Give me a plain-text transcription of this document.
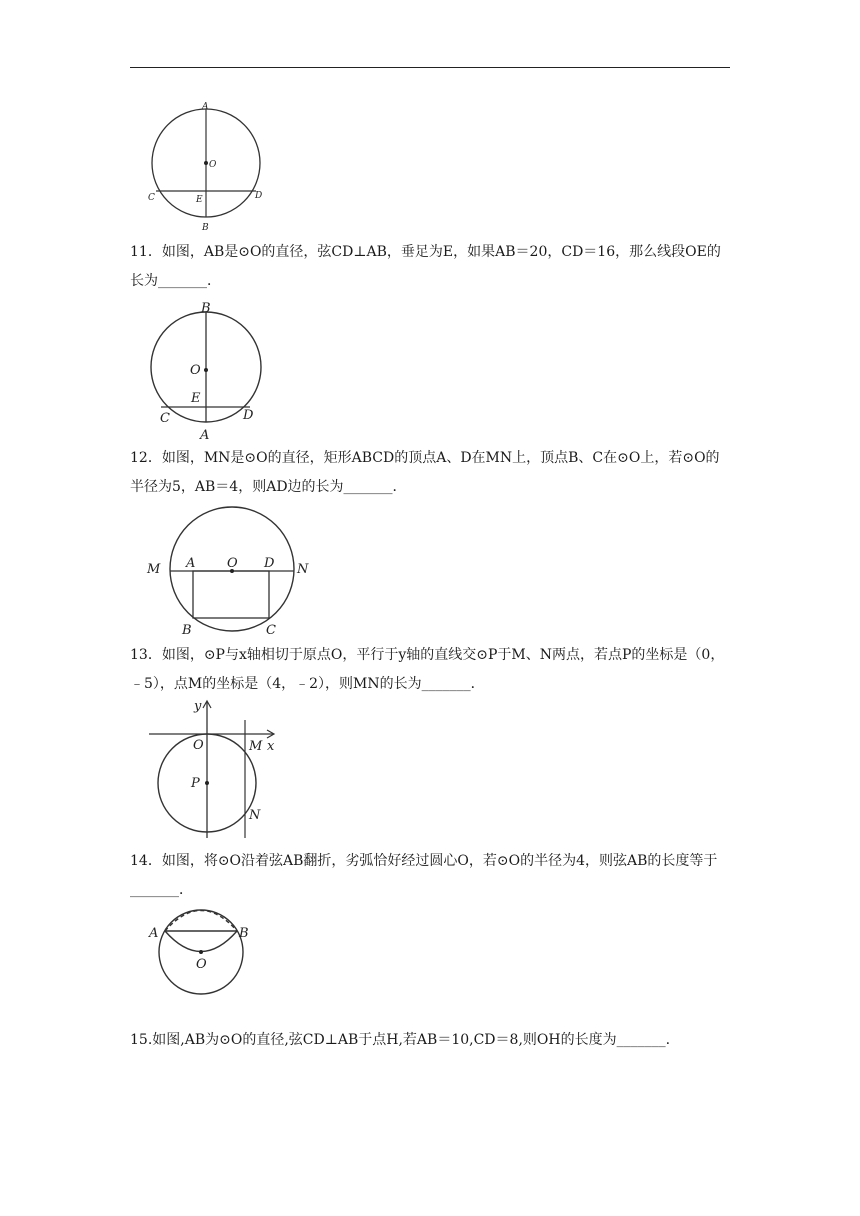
A
O
C	D
E
B
11．如图，AB是⊙O的直径，弦CD⊥AB，垂足为E，如果AB＝20，CD＝16，那么线段OE的长为_______．
B
O
E
C	D
A
12．如图，MN是⊙O的直径，矩形ABCD的顶点A、D在MN上，顶点B、C在⊙O上，若⊙O的半径为5，AB＝4，则AD边的长为_______．
M A O D N
B	C
13．如图，⊙P与x轴相切于原点O，平行于y轴的直线交⊙P于M、N两点，若点P的坐标是（0，﹣5），点M的坐标是（4，﹣2），则MN的长为_______．
y
x
O	M
P
N
14．如图，将⊙O沿着弦AB翻折，劣弧恰好经过圆心O，若⊙O的半径为4，则弦AB的长度等于_______．
A	B
O
15.如图,AB为⊙O的直径,弦CD⊥AB于点H,若AB＝10,CD＝8,则OH的长度为_______.
